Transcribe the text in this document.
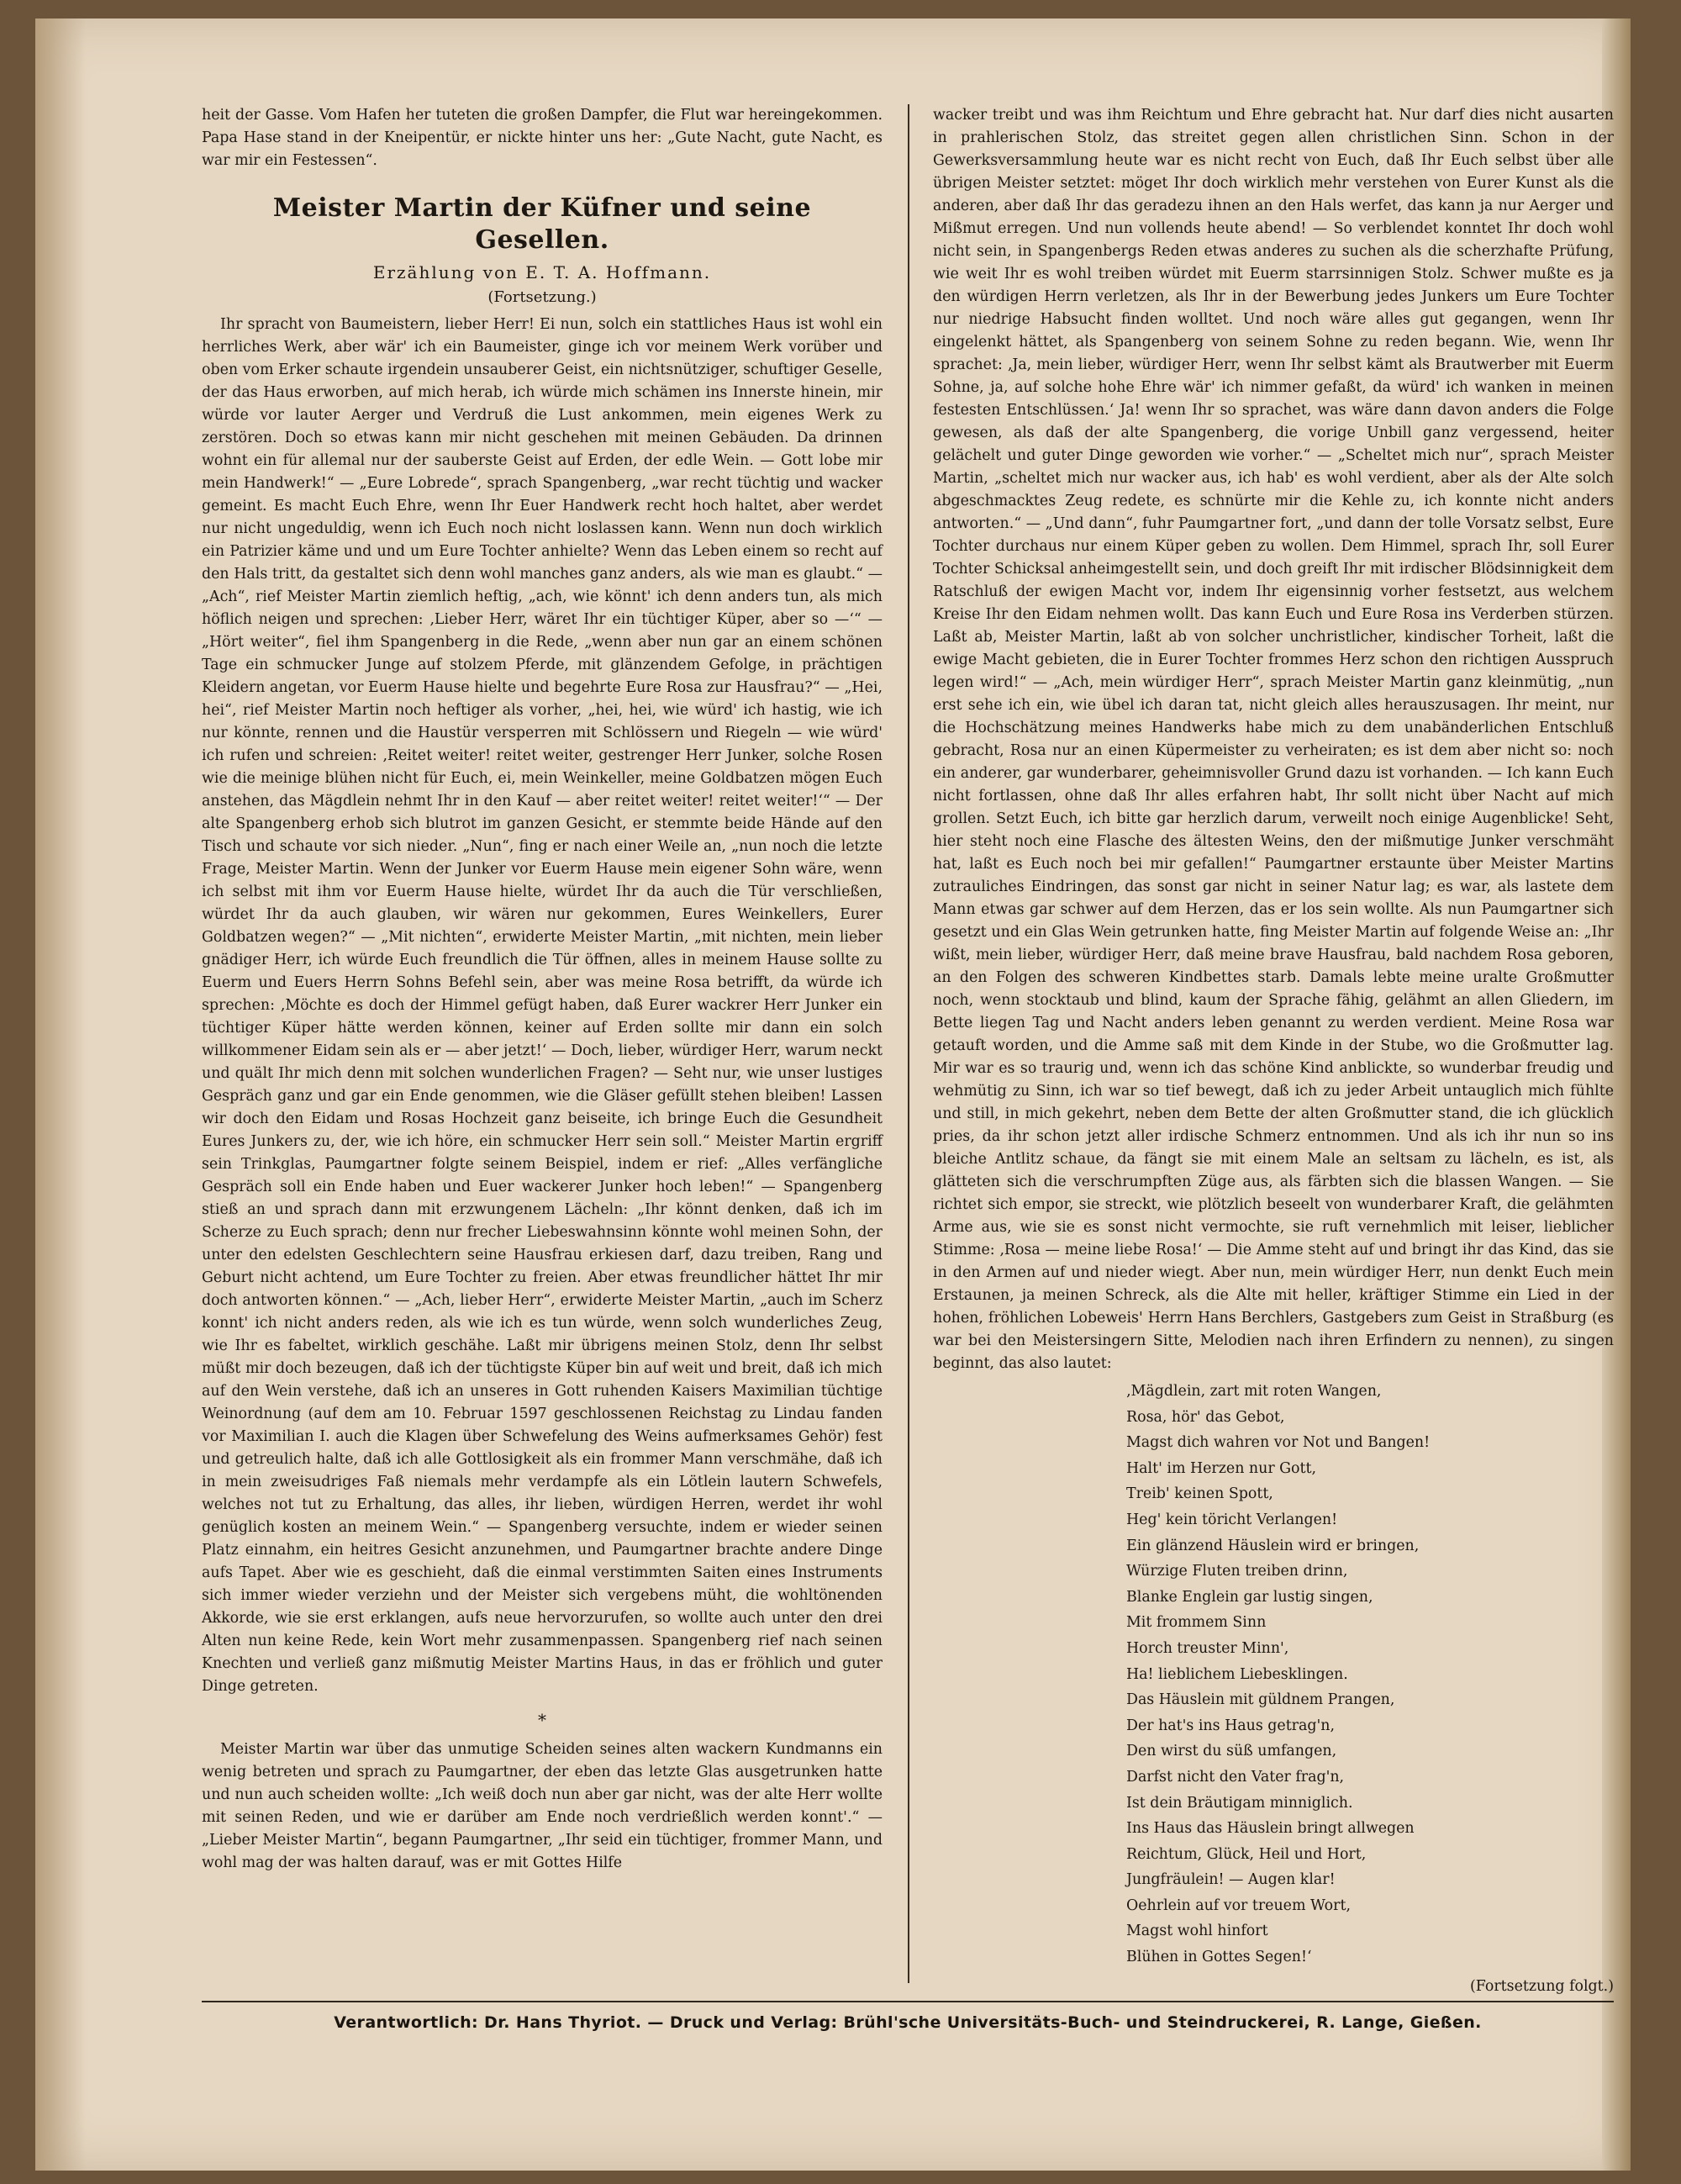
heit der Gasse. Vom Hafen her tuteten die großen Dampfer, die Flut war hereingekommen. Papa Hase stand in der Kneipentür, er nickte hinter uns her: „Gute Nacht, gute Nacht, es war mir ein Festessen“.

Meister Martin der Küfner und seine Gesellen.
Erzählung von E. T. A. Hoffmann.
(Fortsetzung.)

Ihr spracht von Baumeistern, lieber Herr! Ei nun, solch ein stattliches Haus ist wohl ein herrliches Werk, aber wär' ich ein Baumeister, ginge ich vor meinem Werk vorüber und oben vom Erker schaute irgendein unsauberer Geist, ein nichtsnütziger, schuftiger Geselle, der das Haus erworben, auf mich herab, ich würde mich schämen ins Innerste hinein, mir würde vor lauter Aerger und Verdruß die Lust ankommen, mein eigenes Werk zu zerstören. Doch so etwas kann mir nicht geschehen mit meinen Gebäuden. Da drinnen wohnt ein für allemal nur der sauberste Geist auf Erden, der edle Wein. — Gott lobe mir mein Handwerk!“ — „Eure Lobrede“, sprach Spangenberg, „war recht tüchtig und wacker gemeint. Es macht Euch Ehre, wenn Ihr Euer Handwerk recht hoch haltet, aber werdet nur nicht ungeduldig, wenn ich Euch noch nicht loslassen kann. Wenn nun doch wirklich ein Patrizier käme und und um Eure Tochter anhielte? Wenn das Leben einem so recht auf den Hals tritt, da gestaltet sich denn wohl manches ganz anders, als wie man es glaubt.“ — „Ach“, rief Meister Martin ziemlich heftig, „ach, wie könnt' ich denn anders tun, als mich höflich neigen und sprechen: ‚Lieber Herr, wäret Ihr ein tüchtiger Küper, aber so —‘“ — „Hört weiter“, fiel ihm Spangenberg in die Rede, „wenn aber nun gar an einem schönen Tage ein schmucker Junge auf stolzem Pferde, mit glänzendem Gefolge, in prächtigen Kleidern angetan, vor Euerm Hause hielte und begehrte Eure Rosa zur Hausfrau?“ — „Hei, hei“, rief Meister Martin noch heftiger als vorher, „hei, hei, wie würd' ich hastig, wie ich nur könnte, rennen und die Haustür versperren mit Schlössern und Riegeln — wie würd' ich rufen und schreien: ‚Reitet weiter! reitet weiter, gestrenger Herr Junker, solche Rosen wie die meinige blühen nicht für Euch, ei, mein Weinkeller, meine Goldbatzen mögen Euch anstehen, das Mägdlein nehmt Ihr in den Kauf — aber reitet weiter! reitet weiter!‘“ — Der alte Spangenberg erhob sich blutrot im ganzen Gesicht, er stemmte beide Hände auf den Tisch und schaute vor sich nieder. „Nun“, fing er nach einer Weile an, „nun noch die letzte Frage, Meister Martin. Wenn der Junker vor Euerm Hause mein eigener Sohn wäre, wenn ich selbst mit ihm vor Euerm Hause hielte, würdet Ihr da auch die Tür verschließen, würdet Ihr da auch glauben, wir wären nur gekommen, Eures Weinkellers, Eurer Goldbatzen wegen?“ — „Mit nichten“, erwiderte Meister Martin, „mit nichten, mein lieber gnädiger Herr, ich würde Euch freundlich die Tür öffnen, alles in meinem Hause sollte zu Euerm und Euers Herrn Sohns Befehl sein, aber was meine Rosa betrifft, da würde ich sprechen: ‚Möchte es doch der Himmel gefügt haben, daß Eurer wackrer Herr Junker ein tüchtiger Küper hätte werden können, keiner auf Erden sollte mir dann ein solch willkommener Eidam sein als er — aber jetzt!‘ — Doch, lieber, würdiger Herr, warum neckt und quält Ihr mich denn mit solchen wunderlichen Fragen? — Seht nur, wie unser lustiges Gespräch ganz und gar ein Ende genommen, wie die Gläser gefüllt stehen bleiben! Lassen wir doch den Eidam und Rosas Hochzeit ganz beiseite, ich bringe Euch die Gesundheit Eures Junkers zu, der, wie ich höre, ein schmucker Herr sein soll.“ Meister Martin ergriff sein Trinkglas, Paumgartner folgte seinem Beispiel, indem er rief: „Alles verfängliche Gespräch soll ein Ende haben und Euer wackerer Junker hoch leben!“ — Spangenberg stieß an und sprach dann mit erzwungenem Lächeln: „Ihr könnt denken, daß ich im Scherze zu Euch sprach; denn nur frecher Liebeswahnsinn könnte wohl meinen Sohn, der unter den edelsten Geschlechtern seine Hausfrau erkiesen darf, dazu treiben, Rang und Geburt nicht achtend, um Eure Tochter zu freien. Aber etwas freundlicher hättet Ihr mir doch antworten können.“ — „Ach, lieber Herr“, erwiderte Meister Martin, „auch im Scherz konnt' ich nicht anders reden, als wie ich es tun würde, wenn solch wunderliches Zeug, wie Ihr es fabeltet, wirklich geschähe. Laßt mir übrigens meinen Stolz, denn Ihr selbst müßt mir doch bezeugen, daß ich der tüchtigste Küper bin auf weit und breit, daß ich mich auf den Wein verstehe, daß ich an unseres in Gott ruhenden Kaisers Maximilian tüchtige Weinordnung (auf dem am 10. Februar 1597 geschlossenen Reichstag zu Lindau fanden vor Maximilian I. auch die Klagen über Schwefelung des Weins aufmerksames Gehör) fest und getreulich halte, daß ich alle Gottlosigkeit als ein frommer Mann verschmähe, daß ich in mein zweisudriges Faß niemals mehr verdampfe als ein Lötlein lautern Schwefels, welches not tut zu Erhaltung, das alles, ihr lieben, würdigen Herren, werdet ihr wohl genüglich kosten an meinem Wein.“ — Spangenberg versuchte, indem er wieder seinen Platz einnahm, ein heitres Gesicht anzunehmen, und Paumgartner brachte andere Dinge aufs Tapet. Aber wie es geschieht, daß die einmal verstimmten Saiten eines Instruments sich immer wieder verziehn und der Meister sich vergebens müht, die wohltönenden Akkorde, wie sie erst erklangen, aufs neue hervorzurufen, so wollte auch unter den drei Alten nun keine Rede, kein Wort mehr zusammenpassen. Spangenberg rief nach seinen Knechten und verließ ganz mißmutig Meister Martins Haus, in das er fröhlich und guter Dinge getreten.

*

Meister Martin war über das unmutige Scheiden seines alten wackern Kundmanns ein wenig betreten und sprach zu Paumgartner, der eben das letzte Glas ausgetrunken hatte und nun auch scheiden wollte: „Ich weiß doch nun aber gar nicht, was der alte Herr wollte mit seinen Reden, und wie er darüber am Ende noch verdrießlich werden konnt'.“ — „Lieber Meister Martin“, begann Paumgartner, „Ihr seid ein tüchtiger, frommer Mann, und wohl mag der was halten darauf, was er mit Gottes Hilfe

wacker treibt und was ihm Reichtum und Ehre gebracht hat. Nur darf dies nicht ausarten in prahlerischen Stolz, das streitet gegen allen christlichen Sinn. Schon in der Gewerksversammlung heute war es nicht recht von Euch, daß Ihr Euch selbst über alle übrigen Meister setztet: möget Ihr doch wirklich mehr verstehen von Eurer Kunst als die anderen, aber daß Ihr das geradezu ihnen an den Hals werfet, das kann ja nur Aerger und Mißmut erregen. Und nun vollends heute abend! — So verblendet konntet Ihr doch wohl nicht sein, in Spangenbergs Reden etwas anderes zu suchen als die scherzhafte Prüfung, wie weit Ihr es wohl treiben würdet mit Euerm starrsinnigen Stolz. Schwer mußte es ja den würdigen Herrn verletzen, als Ihr in der Bewerbung jedes Junkers um Eure Tochter nur niedrige Habsucht finden wolltet. Und noch wäre alles gut gegangen, wenn Ihr eingelenkt hättet, als Spangenberg von seinem Sohne zu reden begann. Wie, wenn Ihr sprachet: ‚Ja, mein lieber, würdiger Herr, wenn Ihr selbst kämt als Brautwerber mit Euerm Sohne, ja, auf solche hohe Ehre wär' ich nimmer gefaßt, da würd' ich wanken in meinen festesten Entschlüssen.‘ Ja! wenn Ihr so sprachet, was wäre dann davon anders die Folge gewesen, als daß der alte Spangenberg, die vorige Unbill ganz vergessend, heiter gelächelt und guter Dinge geworden wie vorher.“ — „Scheltet mich nur“, sprach Meister Martin, „scheltet mich nur wacker aus, ich hab' es wohl verdient, aber als der Alte solch abgeschmacktes Zeug redete, es schnürte mir die Kehle zu, ich konnte nicht anders antworten.“ — „Und dann“, fuhr Paumgartner fort, „und dann der tolle Vorsatz selbst, Eure Tochter durchaus nur einem Küper geben zu wollen. Dem Himmel, sprach Ihr, soll Eurer Tochter Schicksal anheimgestellt sein, und doch greift Ihr mit irdischer Blödsinnigkeit dem Ratschluß der ewigen Macht vor, indem Ihr eigensinnig vorher festsetzt, aus welchem Kreise Ihr den Eidam nehmen wollt. Das kann Euch und Eure Rosa ins Verderben stürzen. Laßt ab, Meister Martin, laßt ab von solcher unchristlicher, kindischer Torheit, laßt die ewige Macht gebieten, die in Eurer Tochter frommes Herz schon den richtigen Ausspruch legen wird!“ — „Ach, mein würdiger Herr“, sprach Meister Martin ganz kleinmütig, „nun erst sehe ich ein, wie übel ich daran tat, nicht gleich alles herauszusagen. Ihr meint, nur die Hochschätzung meines Handwerks habe mich zu dem unabänderlichen Entschluß gebracht, Rosa nur an einen Küpermeister zu verheiraten; es ist dem aber nicht so: noch ein anderer, gar wunderbarer, geheimnisvoller Grund dazu ist vorhanden. — Ich kann Euch nicht fortlassen, ohne daß Ihr alles erfahren habt, Ihr sollt nicht über Nacht auf mich grollen. Setzt Euch, ich bitte gar herzlich darum, verweilt noch einige Augenblicke! Seht, hier steht noch eine Flasche des ältesten Weins, den der mißmutige Junker verschmäht hat, laßt es Euch noch bei mir gefallen!“ Paumgartner erstaunte über Meister Martins zutrauliches Eindringen, das sonst gar nicht in seiner Natur lag; es war, als lastete dem Mann etwas gar schwer auf dem Herzen, das er los sein wollte. Als nun Paumgartner sich gesetzt und ein Glas Wein getrunken hatte, fing Meister Martin auf folgende Weise an: „Ihr wißt, mein lieber, würdiger Herr, daß meine brave Hausfrau, bald nachdem Rosa geboren, an den Folgen des schweren Kindbettes starb. Damals lebte meine uralte Großmutter noch, wenn stocktaub und blind, kaum der Sprache fähig, gelähmt an allen Gliedern, im Bette liegen Tag und Nacht anders leben genannt zu werden verdient. Meine Rosa war getauft worden, und die Amme saß mit dem Kinde in der Stube, wo die Großmutter lag. Mir war es so traurig und, wenn ich das schöne Kind anblickte, so wunderbar freudig und wehmütig zu Sinn, ich war so tief bewegt, daß ich zu jeder Arbeit untauglich mich fühlte und still, in mich gekehrt, neben dem Bette der alten Großmutter stand, die ich glücklich pries, da ihr schon jetzt aller irdische Schmerz entnommen. Und als ich ihr nun so ins bleiche Antlitz schaue, da fängt sie mit einem Male an seltsam zu lächeln, es ist, als glätteten sich die verschrumpften Züge aus, als färbten sich die blassen Wangen. — Sie richtet sich empor, sie streckt, wie plötzlich beseelt von wunderbarer Kraft, die gelähmten Arme aus, wie sie es sonst nicht vermochte, sie ruft vernehmlich mit leiser, lieblicher Stimme: ‚Rosa — meine liebe Rosa!‘ — Die Amme steht auf und bringt ihr das Kind, das sie in den Armen auf und nieder wiegt. Aber nun, mein würdiger Herr, nun denkt Euch mein Erstaunen, ja meinen Schreck, als die Alte mit heller, kräftiger Stimme ein Lied in der hohen, fröhlichen Lobeweis' Herrn Hans Berchlers, Gastgebers zum Geist in Straßburg (es war bei den Meistersingern Sitte, Melodien nach ihren Erfindern zu nennen), zu singen beginnt, das also lautet:

‚Mägdlein, zart mit roten Wangen,
Rosa, hör' das Gebot,
Magst dich wahren vor Not und Bangen!
Halt' im Herzen nur Gott,
Treib' keinen Spott,
Heg' kein töricht Verlangen!
Ein glänzend Häuslein wird er bringen,
Würzige Fluten treiben drinn,
Blanke Englein gar lustig singen,
Mit frommem Sinn
Horch treuster Minn',
Ha! lieblichem Liebesklingen.
Das Häuslein mit güldnem Prangen,
Der hat's ins Haus getrag'n,
Den wirst du süß umfangen,
Darfst nicht den Vater frag'n,
Ist dein Bräutigam minniglich.
Ins Haus das Häuslein bringt allwegen
Reichtum, Glück, Heil und Hort,
Jungfräulein! — Augen klar!
Oehrlein auf vor treuem Wort,
Magst wohl hinfort
Blühen in Gottes Segen!‘
(Fortsetzung folgt.)
Verantwortlich: Dr. Hans Thyriot. — Druck und Verlag: Brühl'sche Universitäts-Buch- und Steindruckerei, R. Lange, Gießen.
